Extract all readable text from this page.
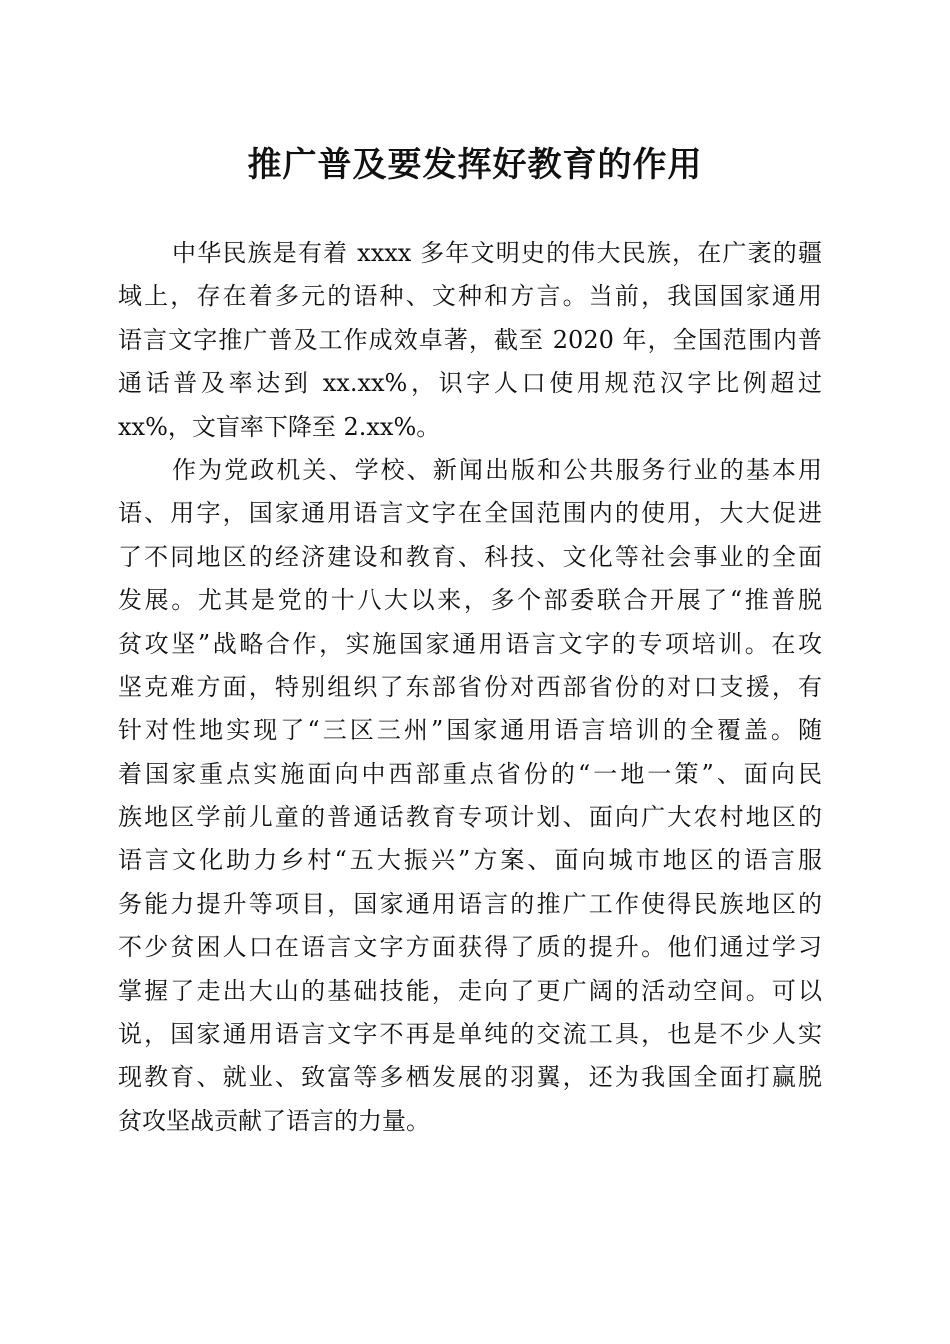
推广普及要发挥好教育的作用
中华民族是有着 xxxx 多年文明史的伟大民族，在广袤的疆
域上，存在着多元的语种、文种和方言。当前，我国国家通用
语言文字推广普及工作成效卓著，截至 2020 年，全国范围内普
通话普及率达到 xx.xx%，识字人口使用规范汉字比例超过
xx%，文盲率下降至 2.xx%。
作为党政机关、学校、新闻出版和公共服务行业的基本用
语、用字，国家通用语言文字在全国范围内的使用，大大促进
了不同地区的经济建设和教育、科技、文化等社会事业的全面
发展。尤其是党的十八大以来，多个部委联合开展了“推普脱
贫攻坚”战略合作，实施国家通用语言文字的专项培训。在攻
坚克难方面，特别组织了东部省份对西部省份的对口支援，有
针对性地实现了“三区三州”国家通用语言培训的全覆盖。随
着国家重点实施面向中西部重点省份的“一地一策”、面向民
族地区学前儿童的普通话教育专项计划、面向广大农村地区的
语言文化助力乡村“五大振兴”方案、面向城市地区的语言服
务能力提升等项目，国家通用语言的推广工作使得民族地区的
不少贫困人口在语言文字方面获得了质的提升。他们通过学习
掌握了走出大山的基础技能，走向了更广阔的活动空间。可以
说，国家通用语言文字不再是单纯的交流工具，也是不少人实
现教育、就业、致富等多栖发展的羽翼，还为我国全面打赢脱
贫攻坚战贡献了语言的力量。
